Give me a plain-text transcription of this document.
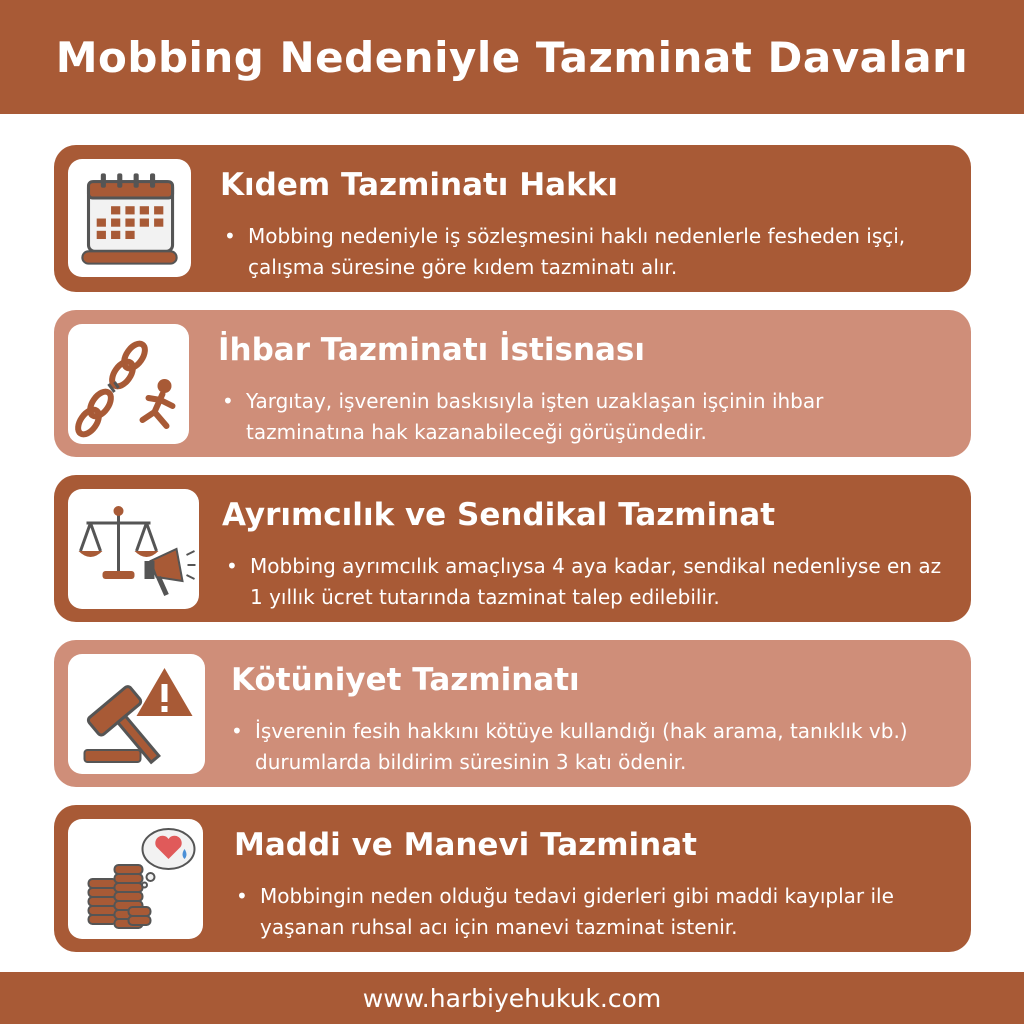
Mobbing Nedeniyle Tazminat Davaları
Kıdem Tazminatı Hakkı
• Mobbing nedeniyle iş sözleşmesini haklı nedenlerle fesheden işçi, çalışma süresine göre kıdem tazminatı alır.
İhbar Tazminatı İstisnası
• Yargıtay, işverenin baskısıyla işten uzaklaşan işçinin ihbar tazminatına hak kazanabileceği görüşündedir.
Ayrımcılık ve Sendikal Tazminat
• Mobbing ayrımcılık amaçlıysa 4 aya kadar, sendikal nedenliyse en az 1 yıllık ücret tutarında tazminat talep edilebilir.
Kötüniyet Tazminatı
• İşverenin fesih hakkını kötüye kullandığı (hak arama, tanıklık vb.) durumlarda bildirim süresinin 3 katı ödenir.
Maddi ve Manevi Tazminat
• Mobbingin neden olduğu tedavi giderleri gibi maddi kayıplar ile yaşanan ruhsal acı için manevi tazminat istenir.
www.harbiyehukuk.com
